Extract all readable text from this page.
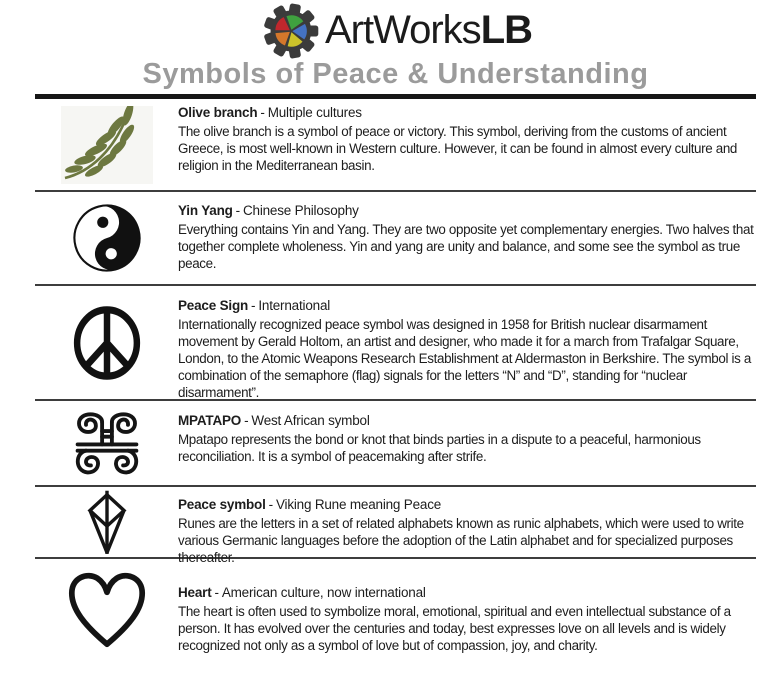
ArtWorksLB
Symbols of Peace & Understanding

Olive branch - Multiple cultures

The olive branch is a symbol of peace or victory. This symbol, deriving from the customs of ancient Greece, is most well-known in Western culture. However, it can be found in almost every culture and religion in the Mediterranean basin.

Yin Yang - Chinese Philosophy

Everything contains Yin and Yang. They are two opposite yet complementary energies. Two halves that together complete wholeness. Yin and yang are unity and balance, and some see the symbol as true peace.

Peace Sign - International

Internationally recognized peace symbol was designed in 1958 for British nuclear disarmament movement by Gerald Holtom, an artist and designer, who made it for a march from Trafalgar Square, London, to the Atomic Weapons Research Establishment at Aldermaston in Berkshire. The symbol is a combination of the semaphore (flag) signals for the letters “N” and “D”, standing for “nuclear disarmament”.

MPATAPO - West African symbol

Mpatapo represents the bond or knot that binds parties in a dispute to a peaceful, harmonious reconciliation. It is a symbol of peacemaking after strife.

Peace symbol - Viking Rune meaning Peace

Runes are the letters in a set of related alphabets known as runic alphabets, which were used to write various Germanic languages before the adoption of the Latin alphabet and for specialized purposes thereafter.

Heart - American culture, now international

The heart is often used to symbolize moral, emotional, spiritual and even intellectual substance of a person. It has evolved over the centuries and today, best expresses love on all levels and is widely recognized not only as a symbol of love but of compassion, joy, and charity.
